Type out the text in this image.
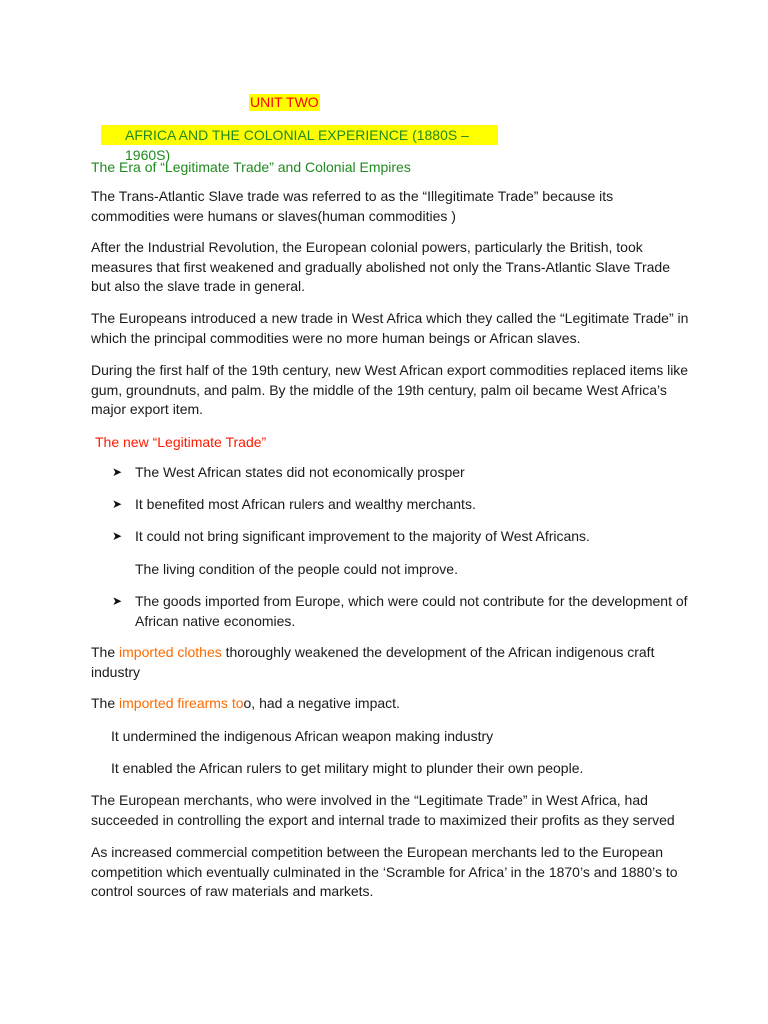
UNIT TWO
AFRICA AND THE COLONIAL EXPERIENCE (1880S – 1960S)
The Era of “Legitimate Trade” and Colonial Empires

The Trans-Atlantic Slave trade was referred to as the “Illegitimate Trade” because its commodities were humans or slaves(human commodities )

After the Industrial Revolution, the European colonial powers, particularly the British, took measures that first weakened and gradually abolished not only the Trans-Atlantic Slave Trade but also the slave trade in general.

The Europeans introduced a new trade in West Africa which they called the “Legitimate Trade” in which the principal commodities were no more human beings or African slaves.

During the first half of the 19th century, new West African export commodities replaced items like gum, groundnuts, and palm. By the middle of the 19th century, palm oil became West Africa’s major export item.

The new “Legitimate Trade”
➤ The West African states did not economically prosper
➤ It benefited most African rulers and wealthy merchants.
➤ It could not bring significant improvement to the majority of West Africans.
The living condition of the people could not improve.
➤ The goods imported from Europe, which were could not contribute for the development of African native economies.

The imported clothes thoroughly weakened the development of the African indigenous craft industry

The imported firearms too, had a negative impact.

It undermined the indigenous African weapon making industry
It enabled the African rulers to get military might to plunder their own people.

The European merchants, who were involved in the “Legitimate Trade” in West Africa, had succeeded in controlling the export and internal trade to maximized their profits as they served

As increased commercial competition between the European merchants led to the European competition which eventually culminated in the ‘Scramble for Africa’ in the 1870’s and 1880’s to control sources of raw materials and markets.
